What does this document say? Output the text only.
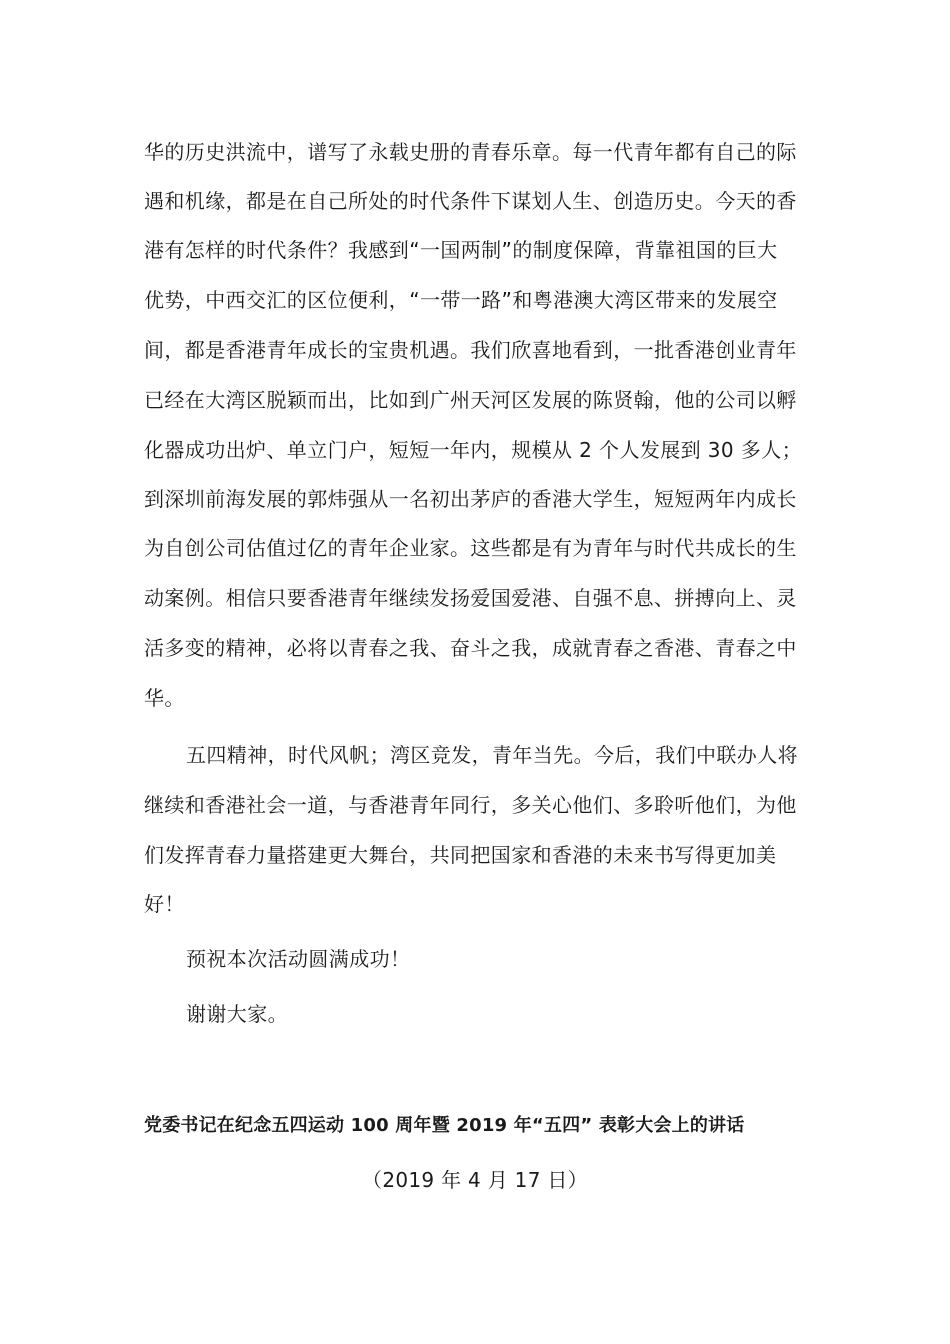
华的历史洪流中，谱写了永载史册的青春乐章。每一代青年都有自己的际
遇和机缘，都是在自己所处的时代条件下谋划人生、创造历史。今天的香
港有怎样的时代条件？我感到“一国两制”的制度保障，背靠祖国的巨大
优势，中西交汇的区位便利，“一带一路”和粤港澳大湾区带来的发展空
间，都是香港青年成长的宝贵机遇。我们欣喜地看到，一批香港创业青年
已经在大湾区脱颖而出，比如到广州天河区发展的陈贤翰，他的公司以孵
化器成功出炉、单立门户，短短一年内，规模从 2 个人发展到 30 多人；
到深圳前海发展的郭炜强从一名初出茅庐的香港大学生，短短两年内成长
为自创公司估值过亿的青年企业家。这些都是有为青年与时代共成长的生
动案例。相信只要香港青年继续发扬爱国爱港、自强不息、拼搏向上、灵
活多变的精神，必将以青春之我、奋斗之我，成就青春之香港、青春之中
华。
五四精神，时代风帆；湾区竞发，青年当先。今后，我们中联办人将
继续和香港社会一道，与香港青年同行，多关心他们、多聆听他们，为他
们发挥青春力量搭建更大舞台，共同把国家和香港的未来书写得更加美
好！
预祝本次活动圆满成功！
谢谢大家。
党委书记在纪念五四运动 100 周年暨 2019 年“五四” 表彰大会上的讲话
（2019 年 4 月 17 日）
